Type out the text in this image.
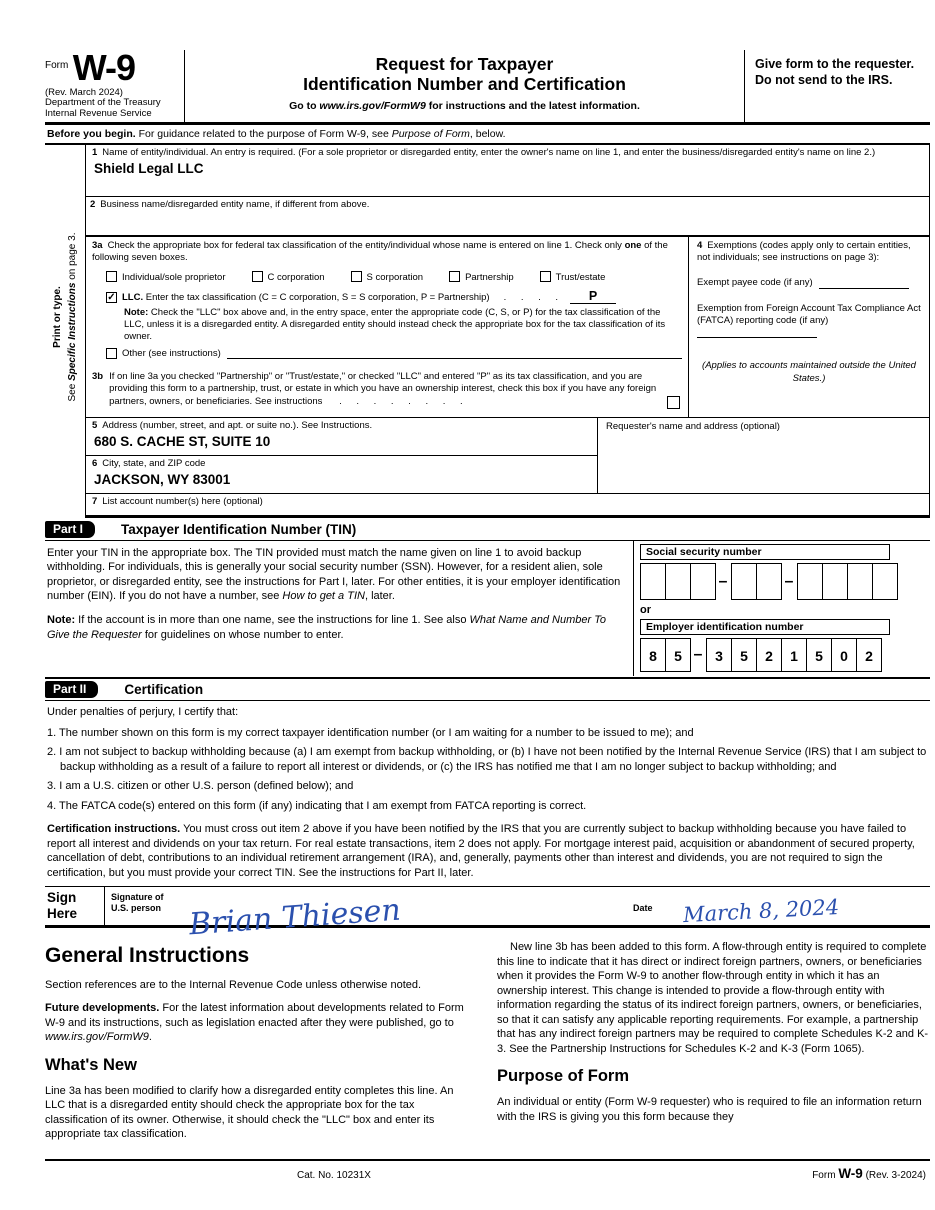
$^{Form}$ W-9
(Rev. March 2024)
Department of the Treasury
Internal Revenue Service
Request for Taxpayer
Identification Number and Certification
Go to www.irs.gov/FormW9 for instructions and the latest information.
Give form to the requester. Do not send to the IRS.
Before you begin. For guidance related to the purpose of Form W-9, see Purpose of Form, below.
Print or type.
See Specific Instructions on page 3.
1 Name of entity/individual. An entry is required. (For a sole proprietor or disregarded entity, enter the owner's name on line 1, and enter the business/disregarded entity's name on line 2.)
Shield Legal LLC
2 Business name/disregarded entity name, if different from above.
3a Check the appropriate box for federal tax classification of the entity/individual whose name is entered on line 1. Check only one of the following seven boxes.
Individual/sole proprietor	C corporation	S corporation	Partnership	Trust/estate
✓ LLC. Enter the tax classification (C = C corporation, S = S corporation, P = Partnership) . . . .	P
Note: Check the "LLC" box above and, in the entry space, enter the appropriate code (C, S, or P) for the tax classification of the LLC, unless it is a disregarded entity. A disregarded entity should instead check the appropriate box for the tax classification of its owner.
Other (see instructions)
3b If on line 3a you checked "Partnership" or "Trust/estate," or checked "LLC" and entered "P" as its tax classification, and you are providing this form to a partnership, trust, or estate in which you have an ownership interest, check this box if you have any foreign partners, owners, or beneficiaries. See instructions . . . . . . . .
4 Exemptions (codes apply only to certain entities, not individuals; see instructions on page 3):
Exempt payee code (if any)
Exemption from Foreign Account Tax Compliance Act (FATCA) reporting code (if any)
(Applies to accounts maintained outside the United States.)
5 Address (number, street, and apt. or suite no.). See Instructions.
680 S. CACHE ST, SUITE 10
6 City, state, and ZIP code
JACKSON, WY 83001
Requester's name and address (optional)
7 List account number(s) here (optional)
Part I	Taxpayer Identification Number (TIN)

Enter your TIN in the appropriate box. The TIN provided must match the name given on line 1 to avoid backup withholding. For individuals, this is generally your social security number (SSN). However, for a resident alien, sole proprietor, or disregarded entity, see the instructions for Part I, later. For other entities, it is your employer identification number (EIN). If you do not have a number, see How to get a TIN, later.

Note: If the account is in more than one name, see the instructions for line 1. See also What Name and Number To Give the Requester for guidelines on whose number to enter.

Social security number
–	–
or
Employer identification number
8	5 – 3	5	2	1	5	0	2
Part II	Certification

Under penalties of perjury, I certify that:

1. The number shown on this form is my correct taxpayer identification number (or I am waiting for a number to be issued to me); and
2. I am not subject to backup withholding because (a) I am exempt from backup withholding, or (b) I have not been notified by the Internal Revenue Service (IRS) that I am subject to backup withholding as a result of a failure to report all interest or dividends, or (c) the IRS has notified me that I am no longer subject to backup withholding; and
3. I am a U.S. citizen or other U.S. person (defined below); and
4. The FATCA code(s) entered on this form (if any) indicating that I am exempt from FATCA reporting is correct.

Certification instructions. You must cross out item 2 above if you have been notified by the IRS that you are currently subject to backup withholding because you have failed to report all interest and dividends on your tax return. For real estate transactions, item 2 does not apply. For mortgage interest paid, acquisition or abandonment of secured property, cancellation of debt, contributions to an individual retirement arrangement (IRA), and, generally, payments other than interest and dividends, you are not required to sign the certification, but you must provide your correct TIN. See the instructions for Part II, later.

Sign
Here
Signature of
U.S. person Brian Thiesen	Date	March 8, 2024
General Instructions

Section references are to the Internal Revenue Code unless otherwise noted.

Future developments. For the latest information about developments related to Form W-9 and its instructions, such as legislation enacted after they were published, go to www.irs.gov/FormW9.

What's New

Line 3a has been modified to clarify how a disregarded entity completes this line. An LLC that is a disregarded entity should check the appropriate box for the tax classification of its owner. Otherwise, it should check the "LLC" box and enter its appropriate tax classification.

New line 3b has been added to this form. A flow-through entity is required to complete this line to indicate that it has direct or indirect foreign partners, owners, or beneficiaries when it provides the Form W-9 to another flow-through entity in which it has an ownership interest. This change is intended to provide a flow-through entity with information regarding the status of its indirect foreign partners, owners, or beneficiaries, so that it can satisfy any applicable reporting requirements. For example, a partnership that has any indirect foreign partners may be required to complete Schedules K-2 and K-3. See the Partnership Instructions for Schedules K-2 and K-3 (Form 1065).

Purpose of Form

An individual or entity (Form W-9 requester) who is required to file an information return with the IRS is giving you this form because they

Cat. No. 10231X	Form W-9 (Rev. 3-2024)
